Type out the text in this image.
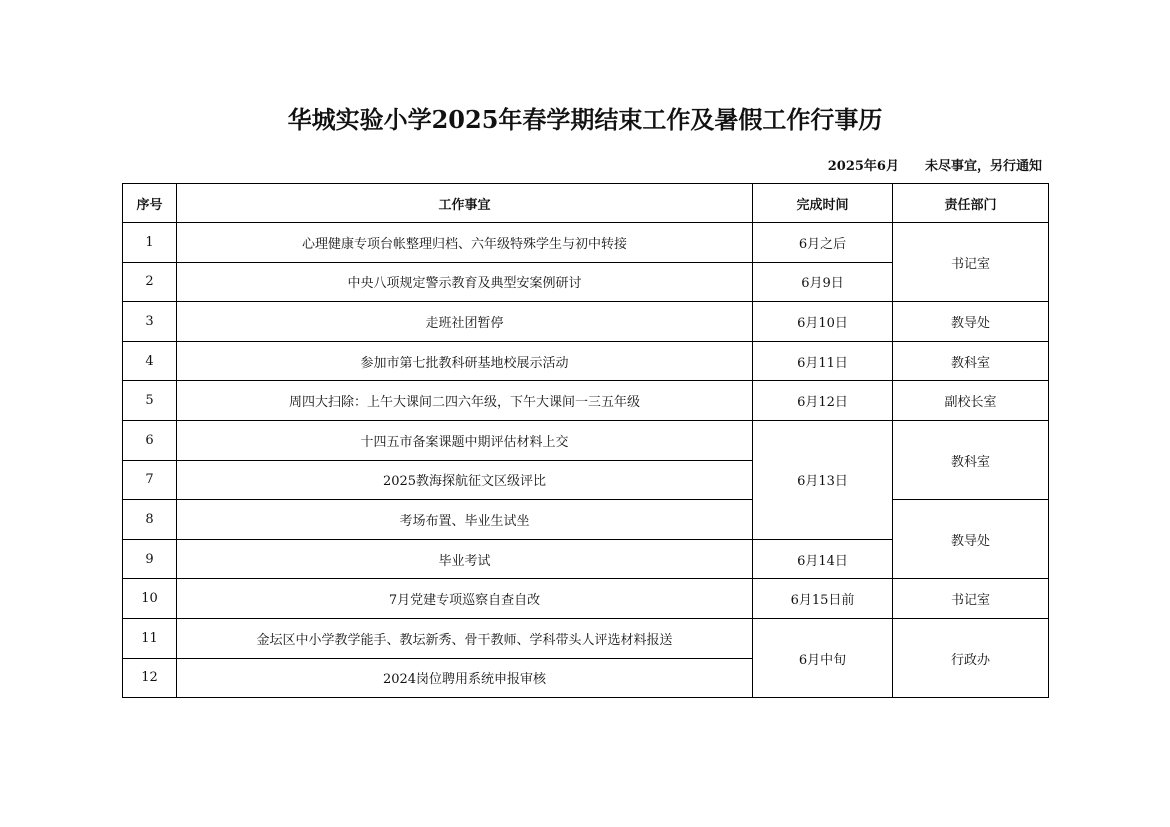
华城实验小学2025年春学期结束工作及暑假工作行事历
2025年6月 未尽事宜，另行通知
序号	工作事宜	完成时间	责任部门
1	心理健康专项台帐整理归档、六年级特殊学生与初中转接	6月之后	书记室
2	中央八项规定警示教育及典型安案例研讨	6月9日	
3	走班社团暂停	6月10日	教导处
4	参加市第七批教科研基地校展示活动	6月11日	教科室
5	周四大扫除：上午大课间二四六年级，下午大课间一三五年级	6月12日	副校长室
6	十四五市备案课题中期评估材料上交	6月13日	教科室
7	2025教海探航征文区级评比		
8	考场布置、毕业生试坐		教导处
9	毕业考试	6月14日	
10	7月党建专项巡察自查自改	6月15日前	书记室
11	金坛区中小学教学能手、教坛新秀、骨干教师、学科带头人评选材料报送	6月中旬	行政办
12	2024岗位聘用系统申报审核		
